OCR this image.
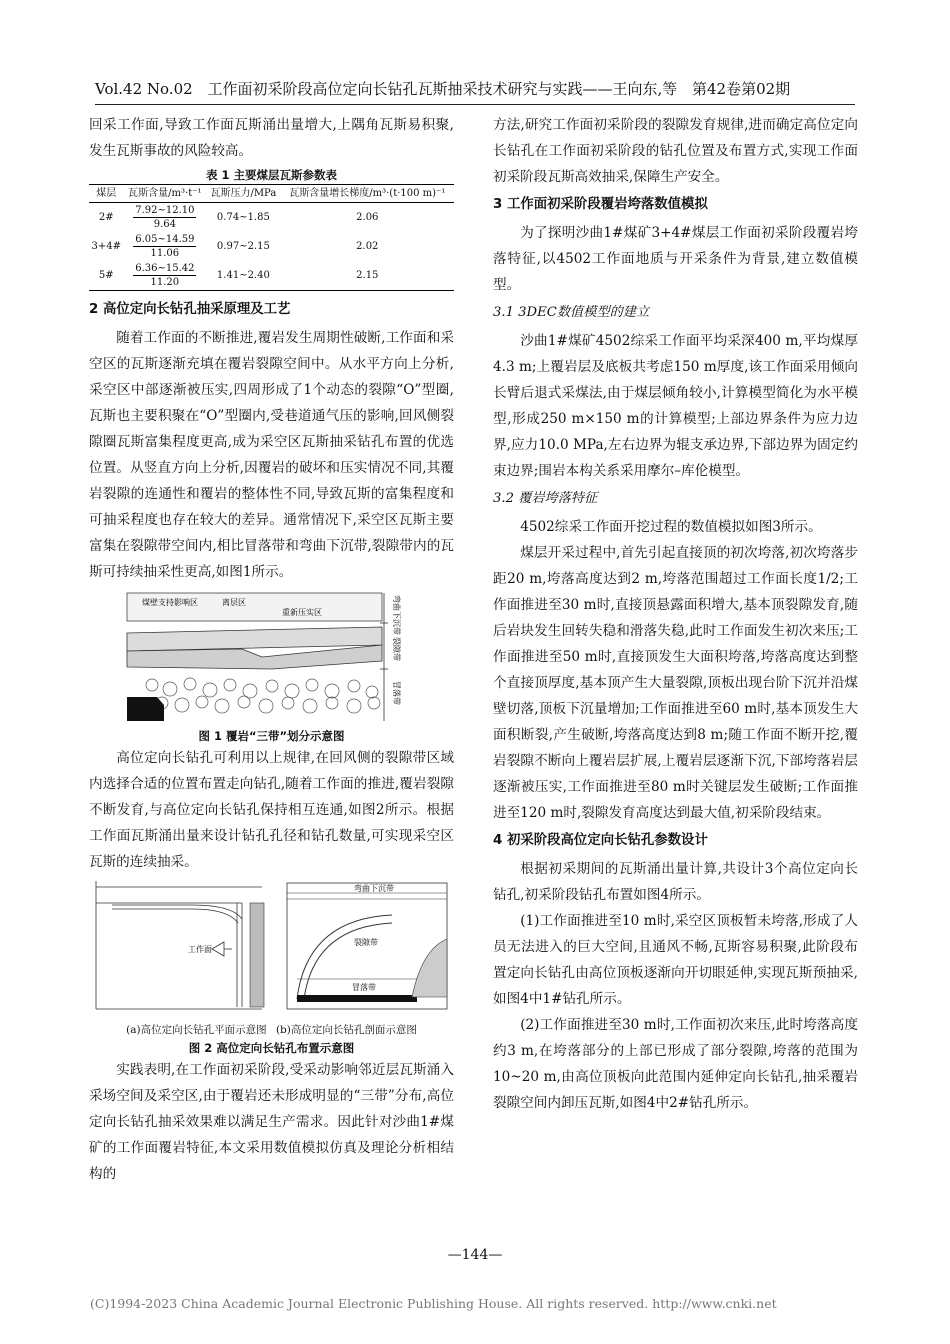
Vol.42 No.02 工作面初采阶段高位定向长钻孔瓦斯抽采技术研究与实践——王向东,等 第42卷第02期

回采工作面,导致工作面瓦斯涌出量增大,上隅角瓦斯易积聚,发生瓦斯事故的风险较高。

表 1 主要煤层瓦斯参数表
煤层	瓦斯含量/m³·t⁻¹	瓦斯压力/MPa	瓦斯含量增长梯度/m³·(t·100 m)⁻¹
2#	$\frac{7.92\sim 12.10}{9.64}$	0.74~1.85	2.06
3+4#	$\frac{6.05\sim 14.59}{11.06}$	0.97~2.15	2.02
5#	$\frac{6.36\sim 15.42}{11.20}$	1.41~2.40	2.15
2 高位定向长钻孔抽采原理及工艺

随着工作面的不断推进,覆岩发生周期性破断,工作面和采空区的瓦斯逐渐充填在覆岩裂隙空间中。从水平方向上分析,采空区中部逐渐被压实,四周形成了1个动态的裂隙“O”型圈,瓦斯也主要积聚在“O”型圈内,受巷道通气压的影响,回风侧裂隙圈瓦斯富集程度更高,成为采空区瓦斯抽采钻孔布置的优选位置。从竖直方向上分析,因覆岩的破坏和压实情况不同,其覆岩裂隙的连通性和覆岩的整体性不同,导致瓦斯的富集程度和可抽采程度也存在较大的差异。通常情况下,采空区瓦斯主要富集在裂隙带空间内,相比冒落带和弯曲下沉带,裂隙带内的瓦斯可持续抽采性更高,如图1所示。

煤壁支持影响区	离层区
重新压实区	弯曲下沉带
裂隙带
冒落带
图 1 覆岩“三带”划分示意图

高位定向长钻孔可利用以上规律,在回风侧的裂隙带区域内选择合适的位置布置走向钻孔,随着工作面的推进,覆岩裂隙不断发育,与高位定向长钻孔保持相互连通,如图2所示。根据工作面瓦斯涌出量来设计钻孔孔径和钻孔数量,可实现采空区瓦斯的连续抽采。

工作面
弯曲下沉带
裂隙带
冒落带
(a)高位定向长钻孔平面示意图 (b)高位定向长钻孔剖面示意图
图 2 高位定向长钻孔布置示意图

实践表明,在工作面初采阶段,受采动影响邻近层瓦斯涌入采场空间及采空区,由于覆岩还未形成明显的“三带”分布,高位定向长钻孔抽采效果难以满足生产需求。因此针对沙曲1#煤矿的工作面覆岩特征,本文采用数值模拟仿真及理论分析相结构的

方法,研究工作面初采阶段的裂隙发育规律,进而确定高位定向长钻孔在工作面初采阶段的钻孔位置及布置方式,实现工作面初采阶段瓦斯高效抽采,保障生产安全。

3 工作面初采阶段覆岩垮落数值模拟

为了探明沙曲1#煤矿3+4#煤层工作面初采阶段覆岩垮落特征,以4502工作面地质与开采条件为背景,建立数值模型。

3.1 3DEC数值模型的建立

沙曲1#煤矿4502综采工作面平均采深400 m,平均煤厚4.3 m;上覆岩层及底板共考虑150 m厚度,该工作面采用倾向长臂后退式采煤法,由于煤层倾角较小,计算模型简化为水平模型,形成250 m×150 m的计算模型;上部边界条件为应力边界,应力10.0 MPa,左右边界为辊支承边界,下部边界为固定约束边界;围岩本构关系采用摩尔–库伦模型。

3.2 覆岩垮落特征

4502综采工作面开挖过程的数值模拟如图3所示。

煤层开采过程中,首先引起直接顶的初次垮落,初次垮落步距20 m,垮落高度达到2 m,垮落范围超过工作面长度1/2;工作面推进至30 m时,直接顶悬露面积增大,基本顶裂隙发育,随后岩块发生回转失稳和滑落失稳,此时工作面发生初次来压;工作面推进至50 m时,直接顶发生大面积垮落,垮落高度达到整个直接顶厚度,基本顶产生大量裂隙,顶板出现台阶下沉并沿煤壁切落,顶板下沉量增加;工作面推进至60 m时,基本顶发生大面积断裂,产生破断,垮落高度达到8 m;随工作面不断开挖,覆岩裂隙不断向上覆岩层扩展,上覆岩层逐渐下沉,下部垮落岩层逐渐被压实,工作面推进至80 m时关键层发生破断;工作面推进至120 m时,裂隙发育高度达到最大值,初采阶段结束。

4 初采阶段高位定向长钻孔参数设计

根据初采期间的瓦斯涌出量计算,共设计3个高位定向长钻孔,初采阶段钻孔布置如图4所示。

(1)工作面推进至10 m时,采空区顶板暂未垮落,形成了人员无法进入的巨大空间,且通风不畅,瓦斯容易积聚,此阶段布置定向长钻孔由高位顶板逐渐向开切眼延伸,实现瓦斯预抽采,如图4中1#钻孔所示。

(2)工作面推进至30 m时,工作面初次来压,此时垮落高度约3 m,在垮落部分的上部已形成了部分裂隙,垮落的范围为10~20 m,由高位顶板向此范围内延伸定向长钻孔,抽采覆岩裂隙空间内卸压瓦斯,如图4中2#钻孔所示。

—144—
(C)1994-2023 China Academic Journal Electronic Publishing House. All rights reserved. http://www.cnki.net
